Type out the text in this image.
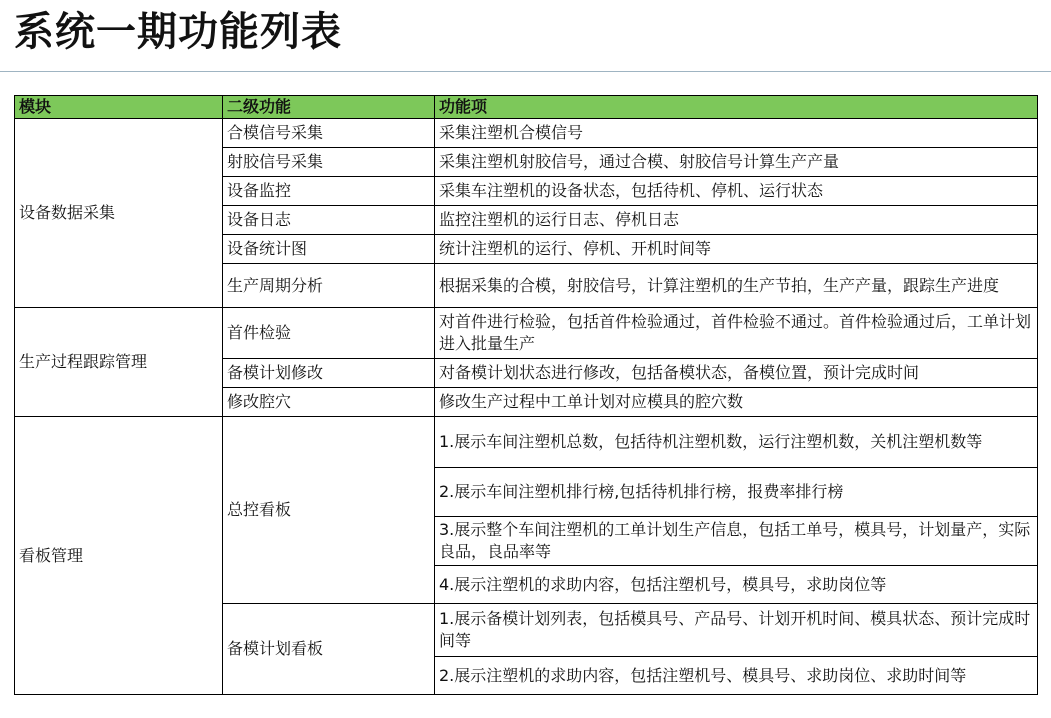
系统一期功能列表
模块	二级功能	功能项
设备数据采集	合模信号采集	采集注塑机合模信号
	射胶信号采集	采集注塑机射胶信号，通过合模、射胶信号计算生产产量
	设备监控	采集车注塑机的设备状态，包括待机、停机、运行状态
	设备日志	监控注塑机的运行日志、停机日志
	设备统计图	统计注塑机的运行、停机、开机时间等
	生产周期分析	根据采集的合模，射胶信号，计算注塑机的生产节拍，生产产量，跟踪生产进度
生产过程跟踪管理	首件检验	对首件进行检验，包括首件检验通过，首件检验不通过。首件检验通过后，工单计划进入批量生产
	备模计划修改	对备模计划状态进行修改，包括备模状态，备模位置，预计完成时间
	修改腔穴	修改生产过程中工单计划对应模具的腔穴数
看板管理	总控看板	1.展示车间注塑机总数，包括待机注塑机数，运行注塑机数，关机注塑机数等
		2.展示车间注塑机排行榜,包括待机排行榜，报费率排行榜
		3.展示整个车间注塑机的工单计划生产信息，包括工单号，模具号，计划量产，实际良品，良品率等
		4.展示注塑机的求助内容，包括注塑机号，模具号，求助岗位等
	备模计划看板	1.展示备模计划列表，包括模具号、产品号、计划开机时间、模具状态、预计完成时间等
		2.展示注塑机的求助内容，包括注塑机号、模具号、求助岗位、求助时间等
